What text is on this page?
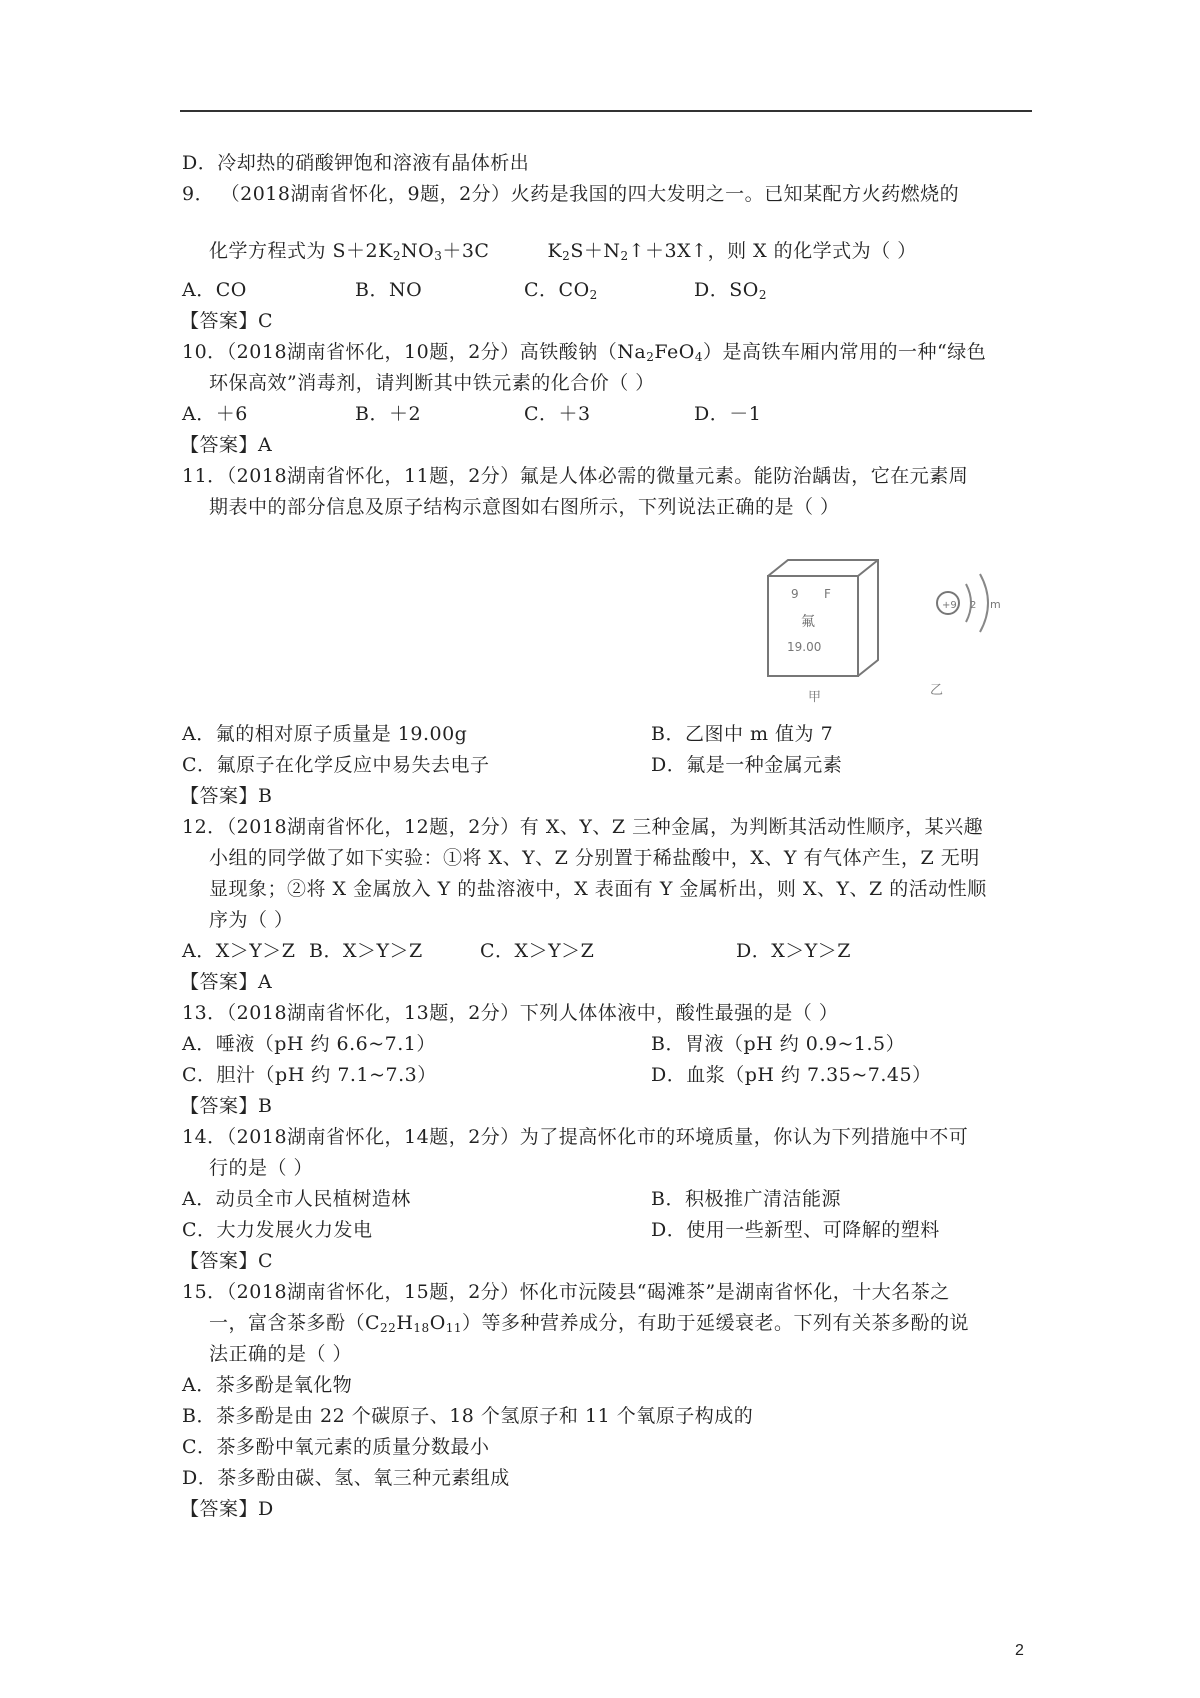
D．冷却热的硝酸钾饱和溶液有晶体析出
9． （2018湖南省怀化，9题，2分）火药是我国的四大发明之一。已知某配方火药燃烧的
化学方程式为 $S+2K_2NO_3+3C$	$K_2S+N_2↑+3X↑$，则 X 的化学式为（ ）
A．CO	B．NO	C．$CO_2$	D．$SO_2$
【答案】C
10．（2018湖南省怀化，10题，2分）高铁酸钠$(Na_2FeO_4)$是高铁车厢内常用的一种“绿色
环保高效”消毒剂，请判断其中铁元素的化合价（ ）
A．＋6	B．＋2	C．＋3	D．－1
【答案】A
11．（2018湖南省怀化，11题，2分）氟是人体必需的微量元素。能防治龋齿，它在元素周
期表中的部分信息及原子结构示意图如右图所示，下列说法正确的是（ ）
9 F
氟
19.00
甲
+9 2 m
乙
A．氟的相对原子质量是 19.00g	B．乙图中 m 值为 7
C．氟原子在化学反应中易失去电子	D．氟是一种金属元素
【答案】B
12．（2018湖南省怀化，12题，2分）有 X、Y、Z 三种金属，为判断其活动性顺序，某兴趣
小组的同学做了如下实验：①将 X、Y、Z 分别置于稀盐酸中，X、Y 有气体产生，Z 无明
显现象；②将 X 金属放入 Y 的盐溶液中，X 表面有 Y 金属析出，则 X、Y、Z 的活动性顺
序为（ ）
A．X＞Y＞Z B．X＞Y＞Z	C．X＞Y＞Z	D．X＞Y＞Z
【答案】A
13．（2018湖南省怀化，13题，2分）下列人体体液中，酸性最强的是（ ）
A．唾液（pH 约 6.6~7.1）	B．胃液（pH 约 0.9~1.5）
C．胆汁（pH 约 7.1~7.3）	D．血浆（pH 约 7.35~7.45）
【答案】B
14．（2018湖南省怀化，14题，2分）为了提高怀化市的环境质量，你认为下列措施中不可
行的是（ ）
A．动员全市人民植树造林	B．积极推广清洁能源
C．大力发展火力发电	D．使用一些新型、可降解的塑料
【答案】C
15．（2018湖南省怀化，15题，2分）怀化市沅陵县“碣滩茶”是湖南省怀化，十大名茶之
一，富含茶多酚$(C_{22}H_{18}O_{11})$等多种营养成分，有助于延缓衰老。下列有关茶多酚的说
法正确的是（ ）
A．茶多酚是氧化物
B．茶多酚是由 22 个碳原子、18 个氢原子和 11 个氧原子构成的
C．茶多酚中氧元素的质量分数最小
D．茶多酚由碳、氢、氧三种元素组成
【答案】D
2
